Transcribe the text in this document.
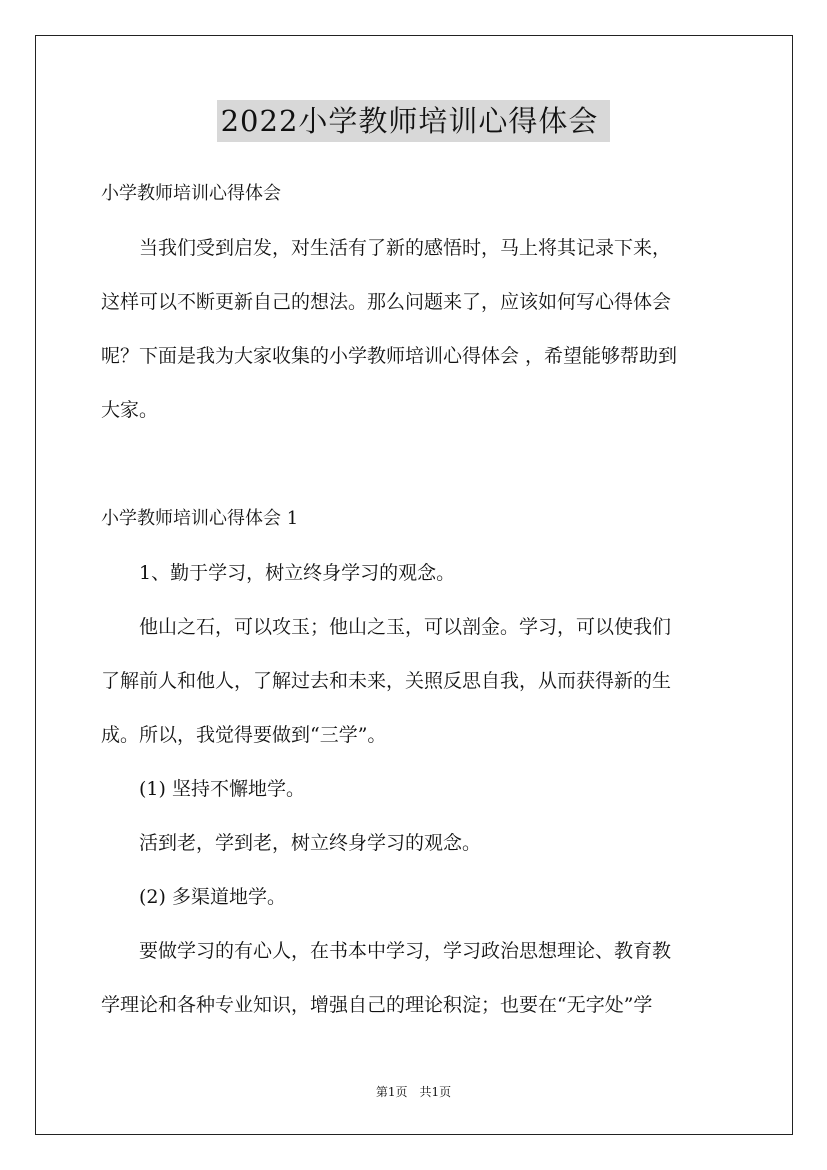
2022小学教师培训心得体会

小学教师培训心得体会

　　当我们受到启发，对生活有了新的感悟时，马上将其记录下来，

这样可以不断更新自己的想法。那么问题来了，应该如何写心得体会

呢？下面是我为大家收集的小学教师培训心得体会 ，希望能够帮助到

大家。

小学教师培训心得体会 1

　　1、勤于学习，树立终身学习的观念。

　　他山之石，可以攻玉；他山之玉，可以剖金。学习，可以使我们

了解前人和他人，了解过去和未来，关照反思自我，从而获得新的生

成。所以，我觉得要做到“三学”。

　　(1) 坚持不懈地学。

　　活到老，学到老，树立终身学习的观念。

　　(2) 多渠道地学。

　　要做学习的有心人，在书本中学习，学习政治思想理论、教育教

学理论和各种专业知识，增强自己的理论积淀；也要在“无字处”学

第1页　共1页
